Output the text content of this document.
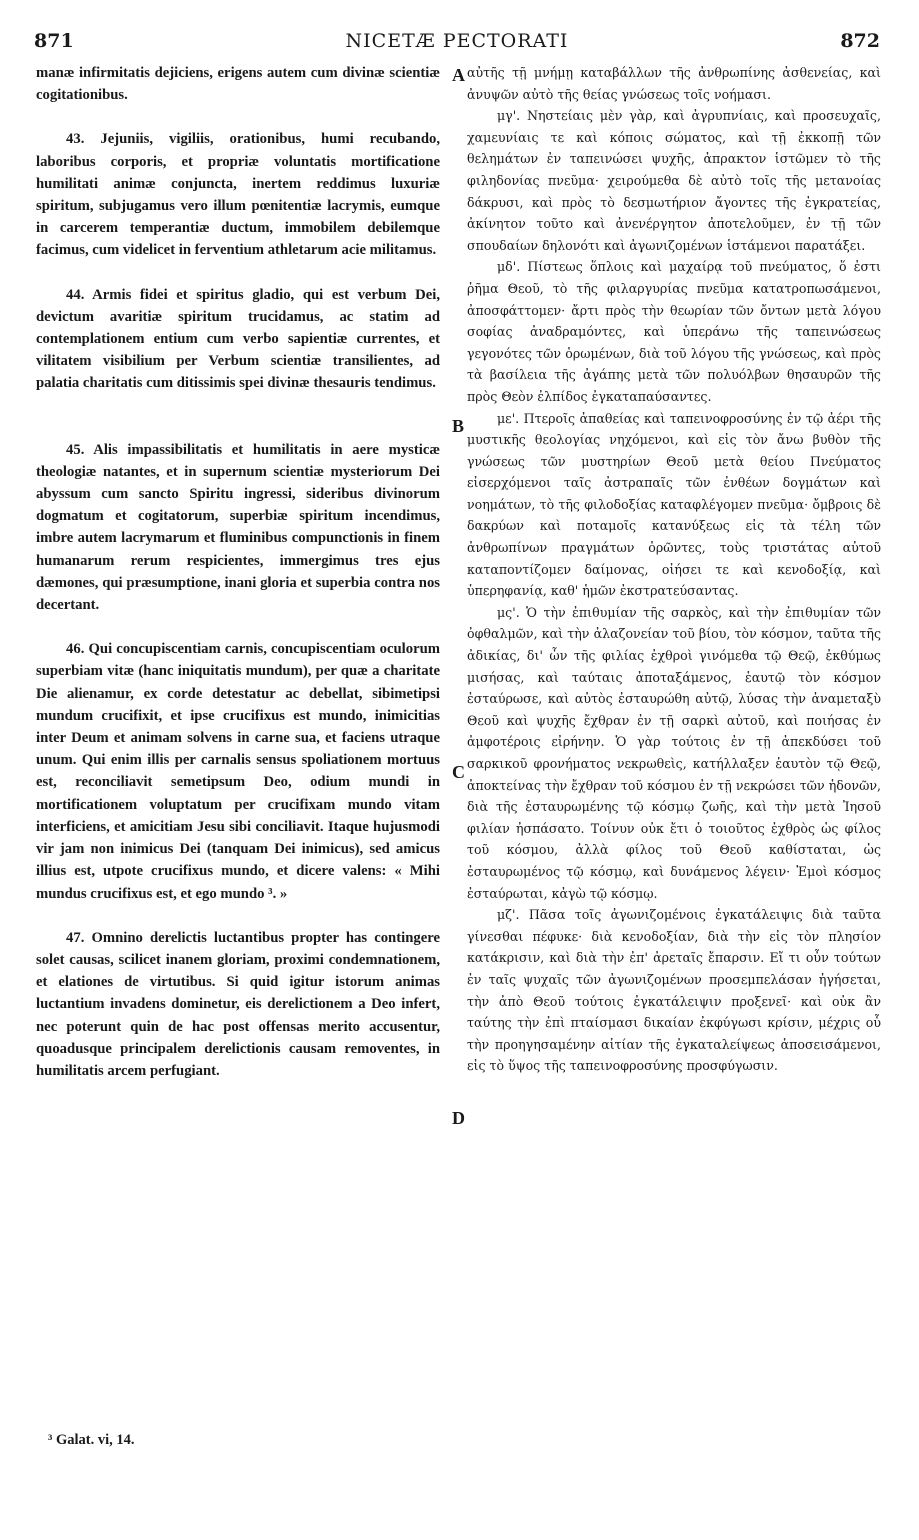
871	NICETÆ PECTORATI	872

manæ infirmitatis dejiciens, erigens autem cum divinæ scientiæ cogitationibus.

43. Jejuniis, vigiliis, orationibus, humi recubando, laboribus corporis, et propriæ voluntatis mortificatione humilitati animæ conjuncta, inertem reddimus luxuriæ spiritum, subjugamus vero illum pœnitentiæ lacrymis, eumque in carcerem temperantiæ ductum, immobilem debilemque facimus, cum videlicet in ferventium athletarum acie militamus.

44. Armis fidei et spiritus gladio, qui est verbum Dei, devictum avaritiæ spiritum trucidamus, ac statim ad contemplationem entium cum verbo sapientiæ currentes, et vilitatem visibilium per Verbum scientiæ transilientes, ad palatia charitatis cum ditissimis spei divinæ thesauris tendimus.

45. Alis impassibilitatis et humilitatis in aere mysticæ theologiæ natantes, et in supernum scientiæ mysteriorum Dei abyssum cum sancto Spiritu ingressi, sideribus divinorum dogmatum et cogitatorum, superbiæ spiritum incendimus, imbre autem lacrymarum et fluminibus compunctionis in finem humanarum rerum respicientes, immergimus tres ejus dæmones, qui præsumptione, inani gloria et superbia contra nos decertant.

46. Qui concupiscentiam carnis, concupiscentiam oculorum superbiam vitæ (hanc iniquitatis mundum), per quæ a charitate Die alienamur, ex corde detestatur ac debellat, sibimetipsi mundum crucifixit, et ipse crucifixus est mundo, inimicitias inter Deum et animam solvens in carne sua, et faciens utraque unum. Qui enim illis per carnalis sensus spoliationem mortuus est, reconciliavit semetipsum Deo, odium mundi in mortificationem voluptatum per crucifixam mundo vitam interficiens, et amicitiam Jesu sibi conciliavit. Itaque hujusmodi vir jam non inimicus Dei (tanquam Dei inimicus), sed amicus illius est, utpote crucifixus mundo, et dicere valens: « Mihi mundus crucifixus est, et ego mundo ³. »

47. Omnino derelictis luctantibus propter has contingere solet causas, scilicet inanem gloriam, proximi condemnationem, et elationes de virtutibus. Si quid igitur istorum animas luctantium invadens dominetur, eis derelictionem a Deo infert, nec poterunt quin de hac post offensas merito accusentur, quoadusque principalem derelictionis causam removentes, in humilitatis arcem perfugiant.

αὐτῆς τῇ μνήμῃ καταβάλλων τῆς ἀνθρωπίνης ἀσθενείας, καὶ ἀνυψῶν αὐτὸ τῆς θείας γνώσεως τοῖς νοήμασι.

μγ'. Νηστείαις μὲν γὰρ, καὶ ἀγρυπνίαις, καὶ προσευχαῖς, χαμευνίαις τε καὶ κόποις σώματος, καὶ τῇ ἐκκοπῇ τῶν θελημάτων ἐν ταπεινώσει ψυχῆς, ἀπρακτον ἱστῶμεν τὸ τῆς φιληδονίας πνεῦμα· χειρούμεθα δὲ αὐτὸ τοῖς τῆς μετανοίας δάκρυσι, καὶ πρὸς τὸ δεσμωτήριον ἄγοντες τῆς ἐγκρατείας, ἀκίνητον τοῦτο καὶ ἀνενέργητον ἀποτελοῦμεν, ἐν τῇ τῶν σπουδαίων δηλονότι καὶ ἀγωνιζομένων ἱστάμενοι παρατάξει.

μδ'. Πίστεως ὅπλοις καὶ μαχαίρᾳ τοῦ πνεύματος, ὅ ἐστι ῥῆμα Θεοῦ, τὸ τῆς φιλαργυρίας πνεῦμα κατατροπωσάμενοι, ἀποσφάττομεν· ἄρτι πρὸς τὴν θεωρίαν τῶν ὄντων μετὰ λόγου σοφίας ἀναδραμόντες, καὶ ὑπεράνω τῆς ταπεινώσεως γεγονότες τῶν ὁρωμένων, διὰ τοῦ λόγου τῆς γνώσεως, καὶ πρὸς τὰ βασίλεια τῆς ἀγάπης μετὰ τῶν πολυόλβων θησαυρῶν τῆς πρὸς Θεὸν ἐλπίδος ἐγκαταπαύσαντες.

με'. Πτεροῖς ἀπαθείας καὶ ταπεινοφροσύνης ἐν τῷ ἀέρι τῆς μυστικῆς θεολογίας νηχόμενοι, καὶ εἰς τὸν ἄνω βυθὸν τῆς γνώσεως τῶν μυστηρίων Θεοῦ μετὰ θείου Πνεύματος εἰσερχόμενοι ταῖς ἀστραπαῖς τῶν ἐνθέων δογμάτων καὶ νοημάτων, τὸ τῆς φιλοδοξίας καταφλέγομεν πνεῦμα· ὄμβροις δὲ δακρύων καὶ ποταμοῖς κατανύξεως εἰς τὰ τέλη τῶν ἀνθρωπίνων πραγμάτων ὁρῶντες, τοὺς τριστάτας αὐτοῦ καταποντίζομεν δαίμονας, οἰήσει τε καὶ κενοδοξίᾳ, καὶ ὑπερηφανίᾳ, καθ' ἡμῶν ἐκστρατεύσαντας.

μς'. Ὁ τὴν ἐπιθυμίαν τῆς σαρκὸς, καὶ τὴν ἐπιθυμίαν τῶν ὀφθαλμῶν, καὶ τὴν ἀλαζονείαν τοῦ βίου, τὸν κόσμον, ταῦτα τῆς ἀδικίας, δι' ὧν τῆς φιλίας ἐχθροὶ γινόμεθα τῷ Θεῷ, ἐκθύμως μισήσας, καὶ ταύταις ἀποταξάμενος, ἑαυτῷ τὸν κόσμον ἐσταύρωσε, καὶ αὐτὸς ἐσταυρώθη αὐτῷ, λύσας τὴν ἀναμεταξὺ Θεοῦ καὶ ψυχῆς ἔχθραν ἐν τῇ σαρκὶ αὐτοῦ, καὶ ποιήσας ἐν ἀμφοτέροις εἰρήνην. Ὁ γὰρ τούτοις ἐν τῇ ἀπεκδύσει τοῦ σαρκικοῦ φρονήματος νεκρωθεὶς, κατήλλαξεν ἑαυτὸν τῷ Θεῷ, ἀποκτείνας τὴν ἔχθραν τοῦ κόσμου ἐν τῇ νεκρώσει τῶν ἡδονῶν, διὰ τῆς ἐσταυρωμένης τῷ κόσμῳ ζωῆς, καὶ τὴν μετὰ Ἰησοῦ φιλίαν ἠσπάσατο. Τοίνυν οὐκ ἔτι ὁ τοιοῦτος ἐχθρὸς ὡς φίλος τοῦ κόσμου, ἀλλὰ φίλος τοῦ Θεοῦ καθίσταται, ὡς ἐσταυρωμένος τῷ κόσμῳ, καὶ δυνάμενος λέγειν· Ἐμοὶ κόσμος ἐσταύρωται, κἀγὼ τῷ κόσμῳ.

μζ'. Πᾶσα τοῖς ἀγωνιζομένοις ἐγκατάλειψις διὰ ταῦτα γίνεσθαι πέφυκε· διὰ κενοδοξίαν, διὰ τὴν εἰς τὸν πλησίον κατάκρισιν, καὶ διὰ τὴν ἐπ' ἀρεταῖς ἔπαρσιν. Εἴ τι οὖν τούτων ἐν ταῖς ψυχαῖς τῶν ἀγωνιζομένων προσεμπελάσαν ἡγήσεται, τὴν ἀπὸ Θεοῦ τούτοις ἐγκατάλειψιν προξενεῖ· καὶ οὐκ ἂν ταύτης τὴν ἐπὶ πταίσμασι δικαίαν ἐκφύγωσι κρίσιν, μέχρις οὗ τὴν προηγησαμένην αἰτίαν τῆς ἐγκαταλείψεως ἀποσεισάμενοι, εἰς τὸ ὕψος τῆς ταπεινοφροσύνης προσφύγωσιν.

A
B
C
D
³ Galat. vi, 14.
